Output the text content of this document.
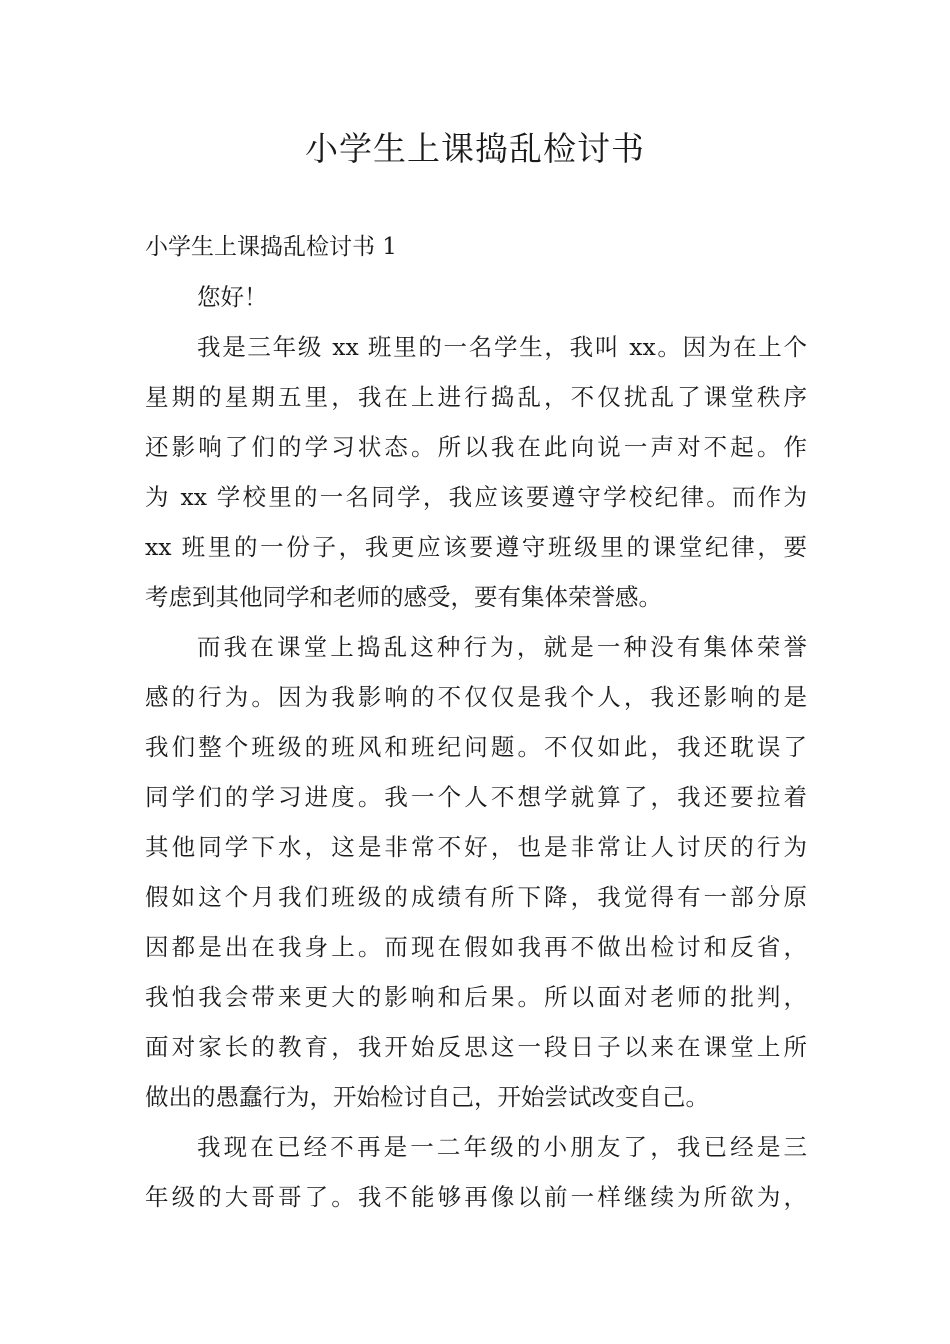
小学生上课捣乱检讨书
小学生上课捣乱检讨书 1

您好！

我是三年级 xx 班里的一名学生，我叫 xx。因为在上个
星期的星期五里，我在上进行捣乱，不仅扰乱了课堂秩序
还影响了们的学习状态。所以我在此向说一声对不起。作
为 xx 学校里的一名同学，我应该要遵守学校纪律。而作为
xx 班里的一份子，我更应该要遵守班级里的课堂纪律，要
考虑到其他同学和老师的感受，要有集体荣誉感。

而我在课堂上捣乱这种行为，就是一种没有集体荣誉
感的行为。因为我影响的不仅仅是我个人，我还影响的是
我们整个班级的班风和班纪问题。不仅如此，我还耽误了
同学们的学习进度。我一个人不想学就算了，我还要拉着
其他同学下水，这是非常不好，也是非常让人讨厌的行为
假如这个月我们班级的成绩有所下降，我觉得有一部分原
因都是出在我身上。而现在假如我再不做出检讨和反省，
我怕我会带来更大的影响和后果。所以面对老师的批判，
面对家长的教育，我开始反思这一段日子以来在课堂上所
做出的愚蠢行为，开始检讨自己，开始尝试改变自己。

我现在已经不再是一二年级的小朋友了，我已经是三
年级的大哥哥了。我不能够再像以前一样继续为所欲为，
